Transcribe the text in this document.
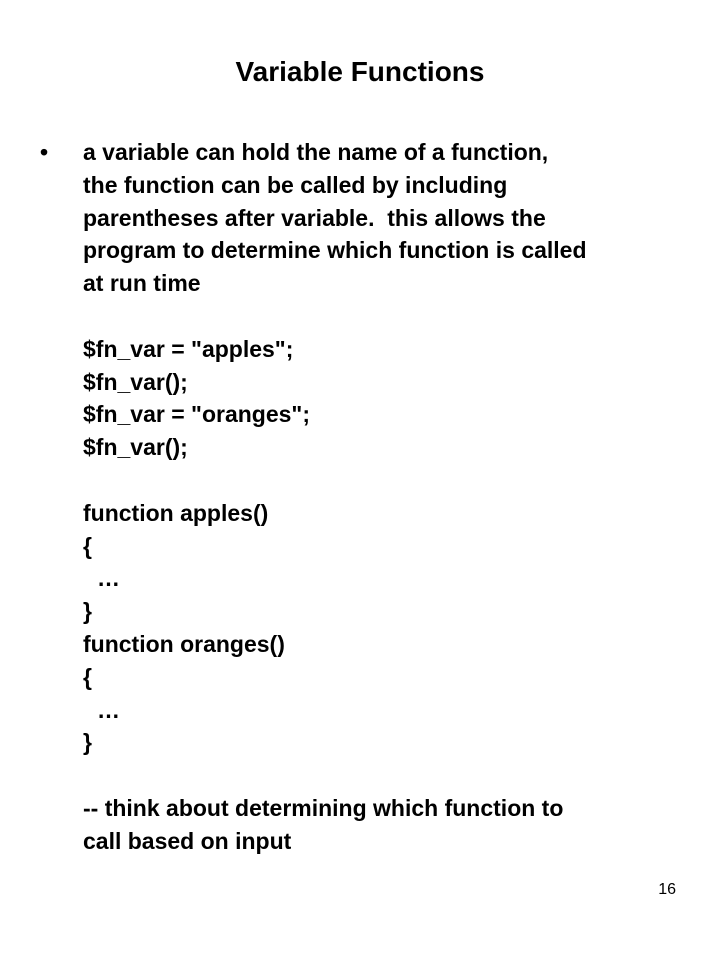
Variable Functions
• a variable can hold the name of a function,
the function can be called by including
parentheses after variable.  this allows the
program to determine which function is called
at run time
$fn_var = "apples";
$fn_var();
$fn_var = "oranges";
$fn_var();
function apples()
{
…
}
function oranges()
{
…
}
-- think about determining which function to
call based on input
16
